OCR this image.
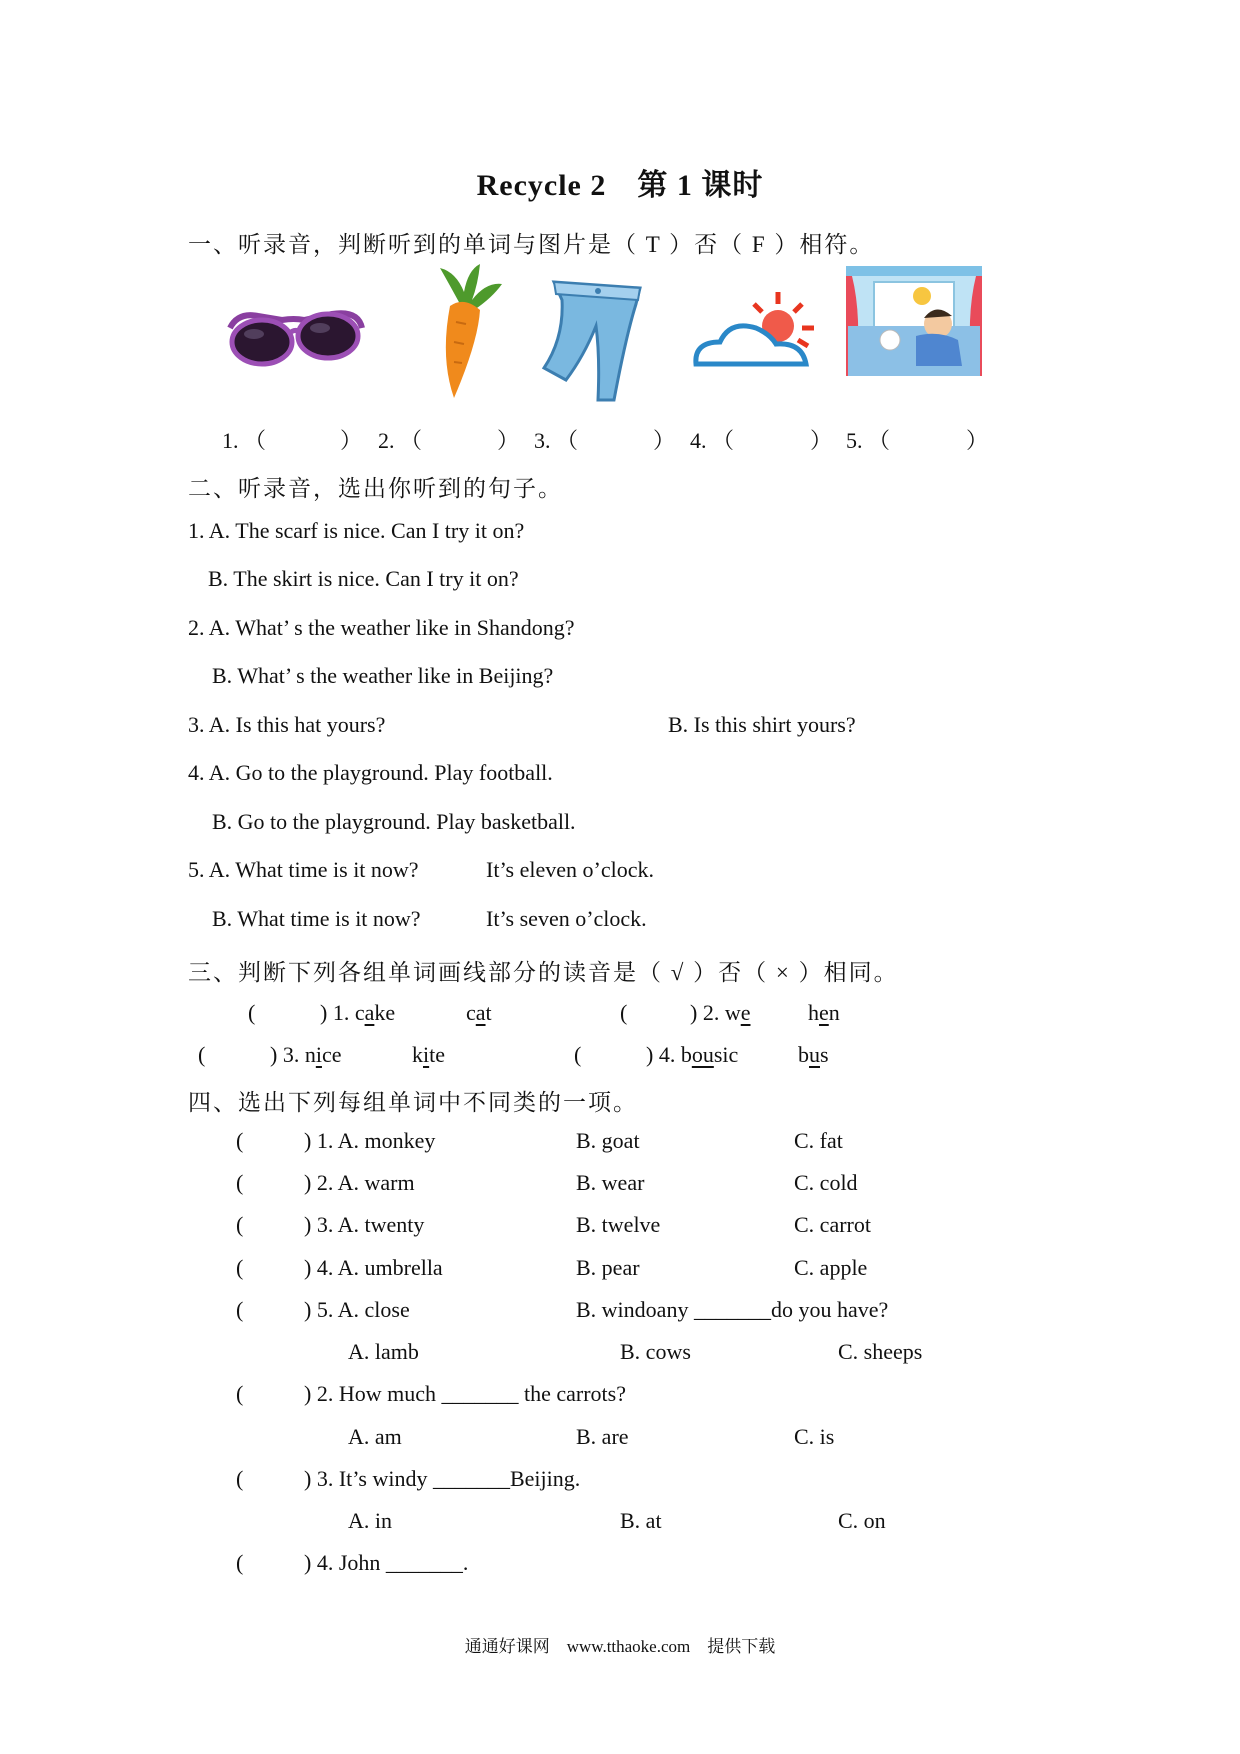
Recycle 2　第 1 课时
一、听录音，判断听到的单词与图片是（ T ）否（ F ）相符。
1. （	） 2. （	） 3. （	） 4. （	） 5. （	）
二、听录音，选出你听到的句子。
1. A. The scarf is nice. Can I try it on?
B. The skirt is nice. Can I try it on?
2. A. What’ s the weather like in Shandong?
B. What’ s the weather like in Beijing?
3. A. Is this hat yours?	B. Is this shirt yours?
4. A. Go to the playground. Play football.
B. Go to the playground. Play basketball.
5. A. What time is it now?	It’s eleven o’clock.
B. What time is it now?	It’s seven o’clock.
三、判断下列各组单词画线部分的读音是（ √ ）否（ × ）相同。
(	) 1. cake	cat	(	) 2. we	hen
(	) 3. nice	kite	(	) 4. bousic	bus
四、选出下列每组单词中不同类的一项。
(	) 1. A. monkey	B. goat	C. fat
(	) 2. A. warm	B. wear	C. cold
(	) 3. A. twenty	B. twelve	C. carrot
(	) 4. A. umbrella	B. pear	C. apple
(	) 5. A. close	B. windoany _______do you have?
A. lamb	B. cows	C. sheeps
(	) 2. How much _______ the carrots?
A. am	B. are	C. is
(	) 3. It’s windy _______Beijing.
A. in	B. at	C. on
(	) 4. John _______.
通通好课网　www.tthaoke.com　提供下载
